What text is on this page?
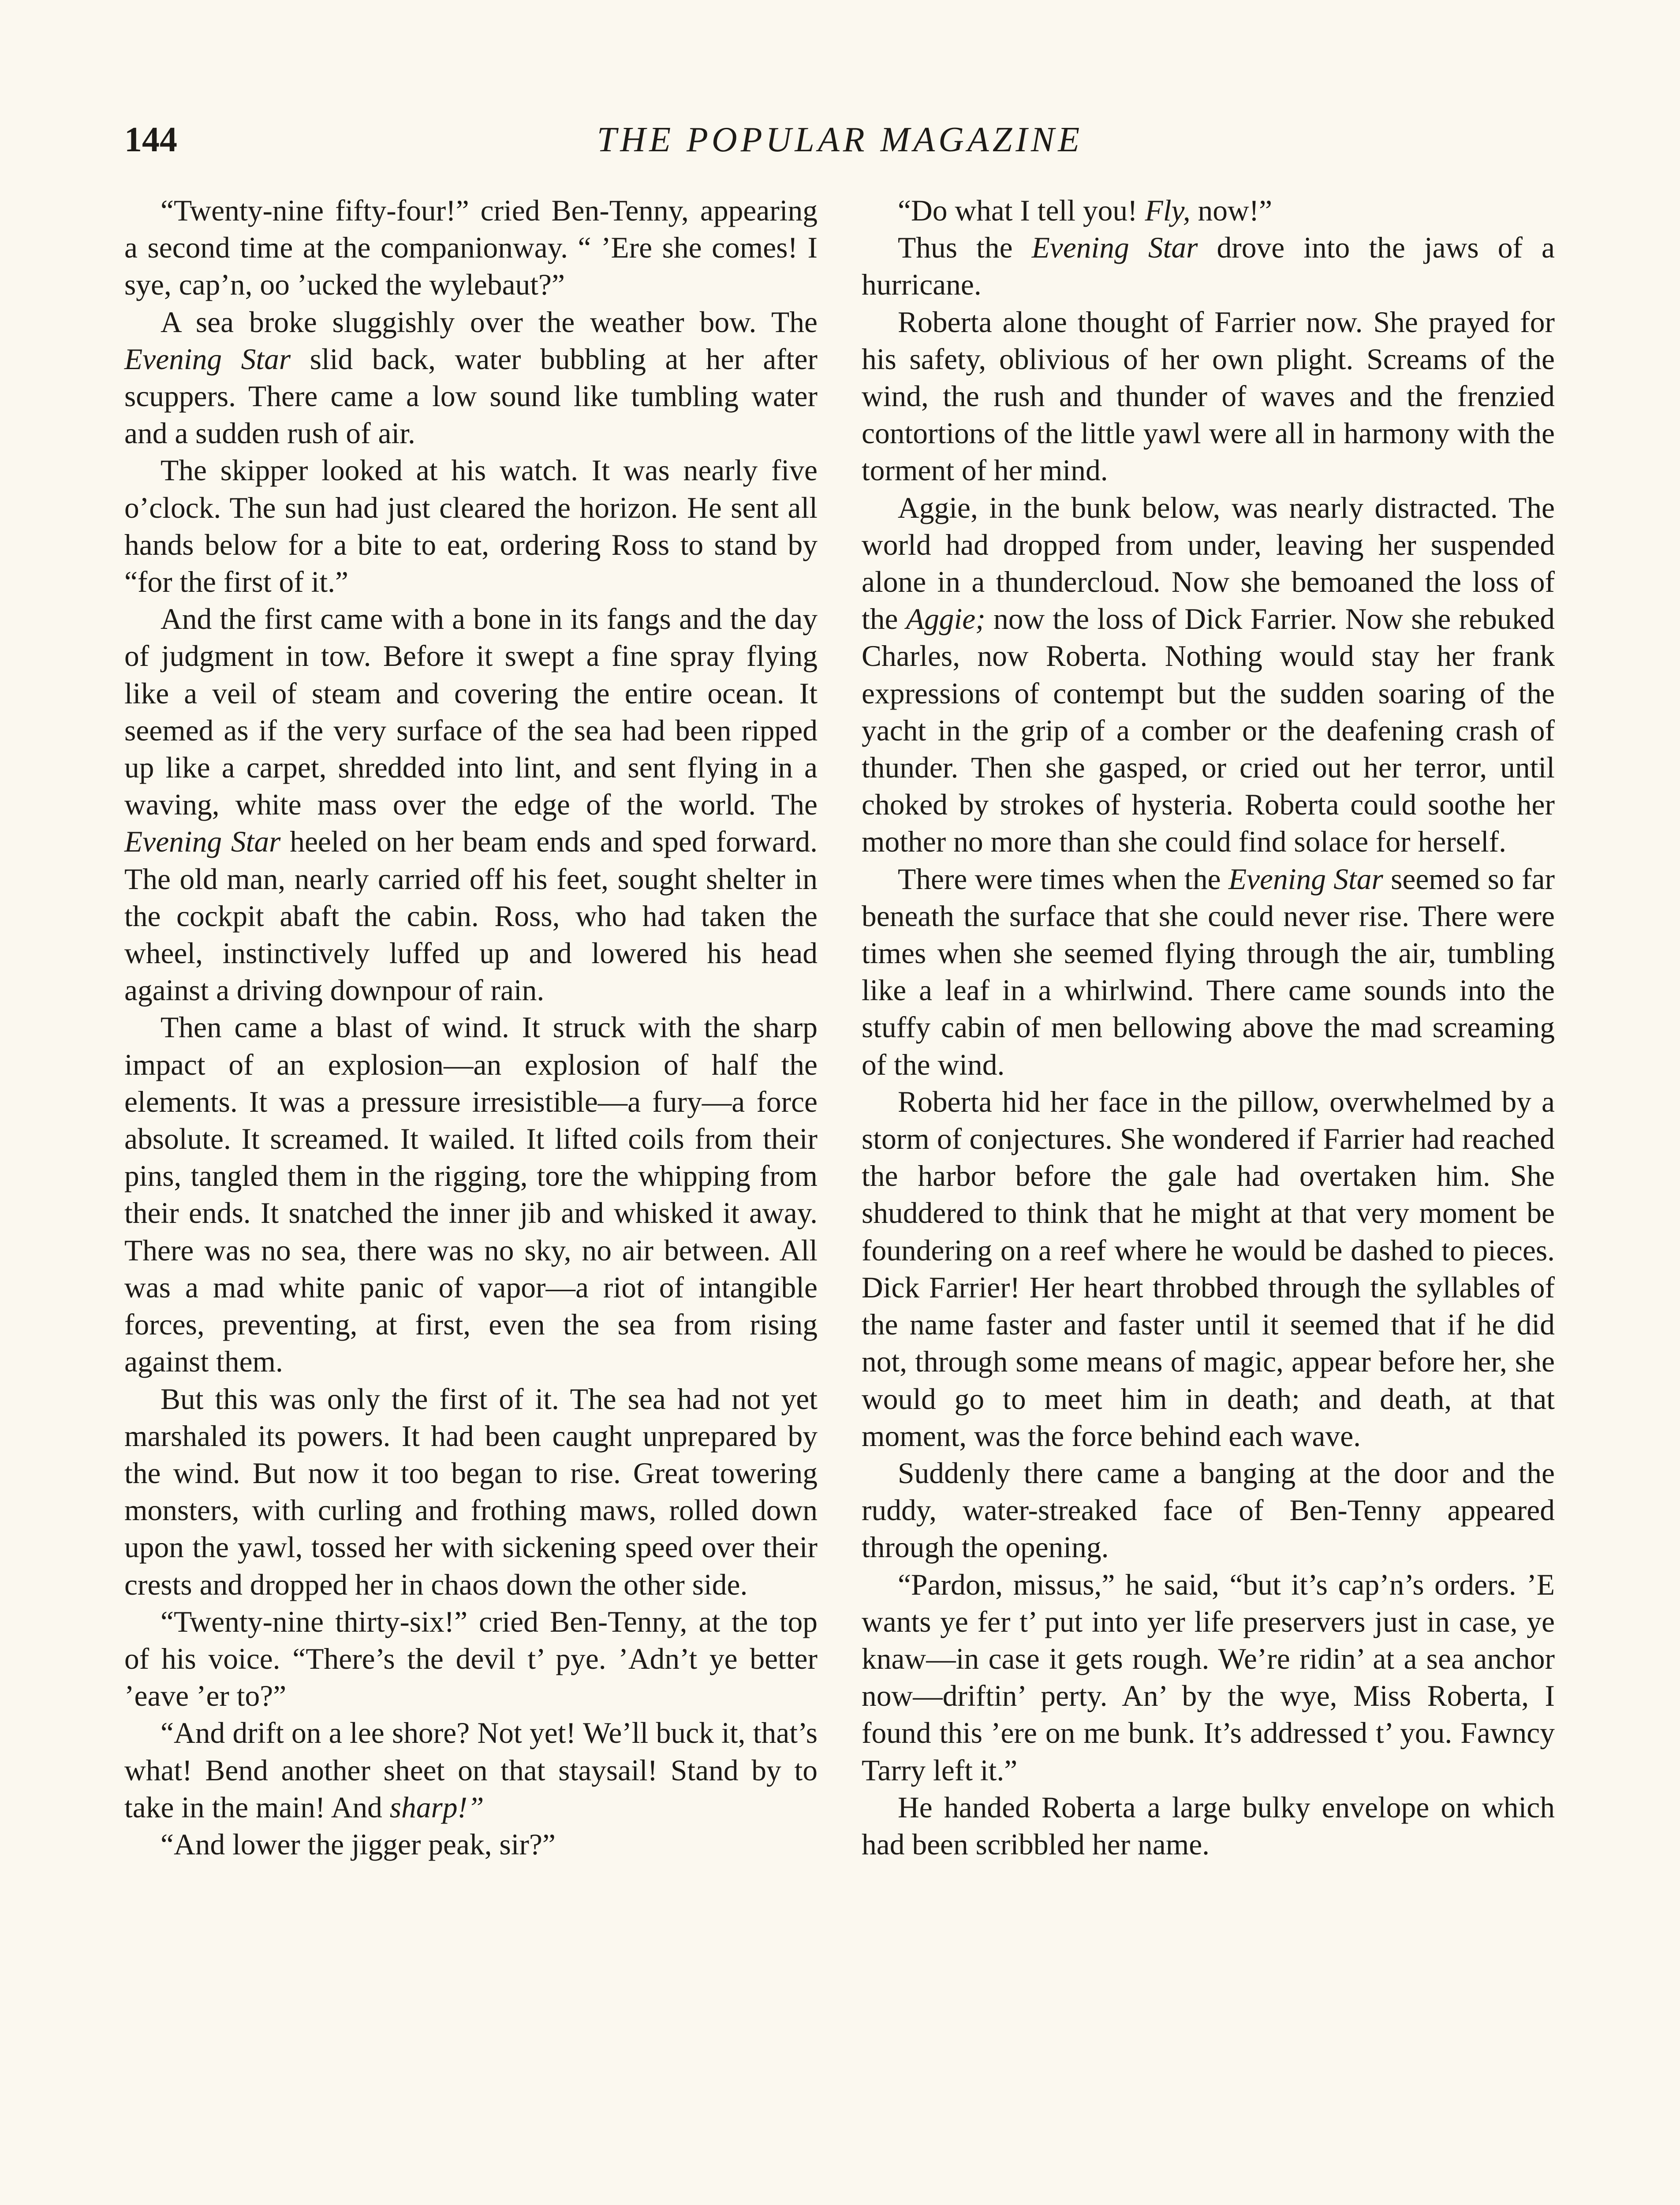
144	THE POPULAR MAGAZINE

“Twenty-nine fifty-four!” cried Ben-Tenny, appearing a second time at the companionway. “ ’Ere she comes! I sye, cap’n, oo ’ucked the wylebaut?”

A sea broke sluggishly over the weather bow. The Evening Star slid back, water bubbling at her after scuppers. There came a low sound like tumbling water and a sudden rush of air.

The skipper looked at his watch. It was nearly five o’clock. The sun had just cleared the horizon. He sent all hands below for a bite to eat, ordering Ross to stand by “for the first of it.”

And the first came with a bone in its fangs and the day of judgment in tow. Before it swept a fine spray flying like a veil of steam and covering the entire ocean. It seemed as if the very surface of the sea had been ripped up like a carpet, shredded into lint, and sent flying in a waving, white mass over the edge of the world. The Evening Star heeled on her beam ends and sped forward. The old man, nearly carried off his feet, sought shelter in the cockpit abaft the cabin. Ross, who had taken the wheel, instinctively luffed up and lowered his head against a driving downpour of rain.

Then came a blast of wind. It struck with the sharp impact of an explosion—an explosion of half the elements. It was a pressure irresistible—a fury—a force absolute. It screamed. It wailed. It lifted coils from their pins, tangled them in the rigging, tore the whipping from their ends. It snatched the inner jib and whisked it away. There was no sea, there was no sky, no air between. All was a mad white panic of vapor—a riot of intangible forces, preventing, at first, even the sea from rising against them.

But this was only the first of it. The sea had not yet marshaled its powers. It had been caught unprepared by the wind. But now it too began to rise. Great towering monsters, with curling and frothing maws, rolled down upon the yawl, tossed her with sickening speed over their crests and dropped her in chaos down the other side.

“Twenty-nine thirty-six!” cried Ben-Tenny, at the top of his voice. “There’s the devil t’ pye. ’Adn’t ye better ’eave ’er to?”

“And drift on a lee shore? Not yet! We’ll buck it, that’s what! Bend another sheet on that staysail! Stand by to take in the main! And sharp!”

“And lower the jigger peak, sir?”

“Do what I tell you! Fly, now!”

Thus the Evening Star drove into the jaws of a hurricane.

Roberta alone thought of Farrier now. She prayed for his safety, oblivious of her own plight. Screams of the wind, the rush and thunder of waves and the frenzied contortions of the little yawl were all in harmony with the torment of her mind.

Aggie, in the bunk below, was nearly distracted. The world had dropped from under, leaving her suspended alone in a thundercloud. Now she bemoaned the loss of the Aggie; now the loss of Dick Farrier. Now she rebuked Charles, now Roberta. Nothing would stay her frank expressions of contempt but the sudden soaring of the yacht in the grip of a comber or the deafening crash of thunder. Then she gasped, or cried out her terror, until choked by strokes of hysteria. Roberta could soothe her mother no more than she could find solace for herself.

There were times when the Evening Star seemed so far beneath the surface that she could never rise. There were times when she seemed flying through the air, tumbling like a leaf in a whirlwind. There came sounds into the stuffy cabin of men bellowing above the mad screaming of the wind.

Roberta hid her face in the pillow, overwhelmed by a storm of conjectures. She wondered if Farrier had reached the harbor before the gale had overtaken him. She shuddered to think that he might at that very moment be foundering on a reef where he would be dashed to pieces. Dick Farrier! Her heart throbbed through the syllables of the name faster and faster until it seemed that if he did not, through some means of magic, appear before her, she would go to meet him in death; and death, at that moment, was the force behind each wave.

Suddenly there came a banging at the door and the ruddy, water-streaked face of Ben-Tenny appeared through the opening.

“Pardon, missus,” he said, “but it’s cap’n’s orders. ’E wants ye fer t’ put into yer life preservers just in case, ye knaw—in case it gets rough. We’re ridin’ at a sea anchor now—driftin’ perty. An’ by the wye, Miss Roberta, I found this ’ere on me bunk. It’s addressed t’ you. Fawncy Tarry left it.”

He handed Roberta a large bulky envelope on which had been scribbled her name.
